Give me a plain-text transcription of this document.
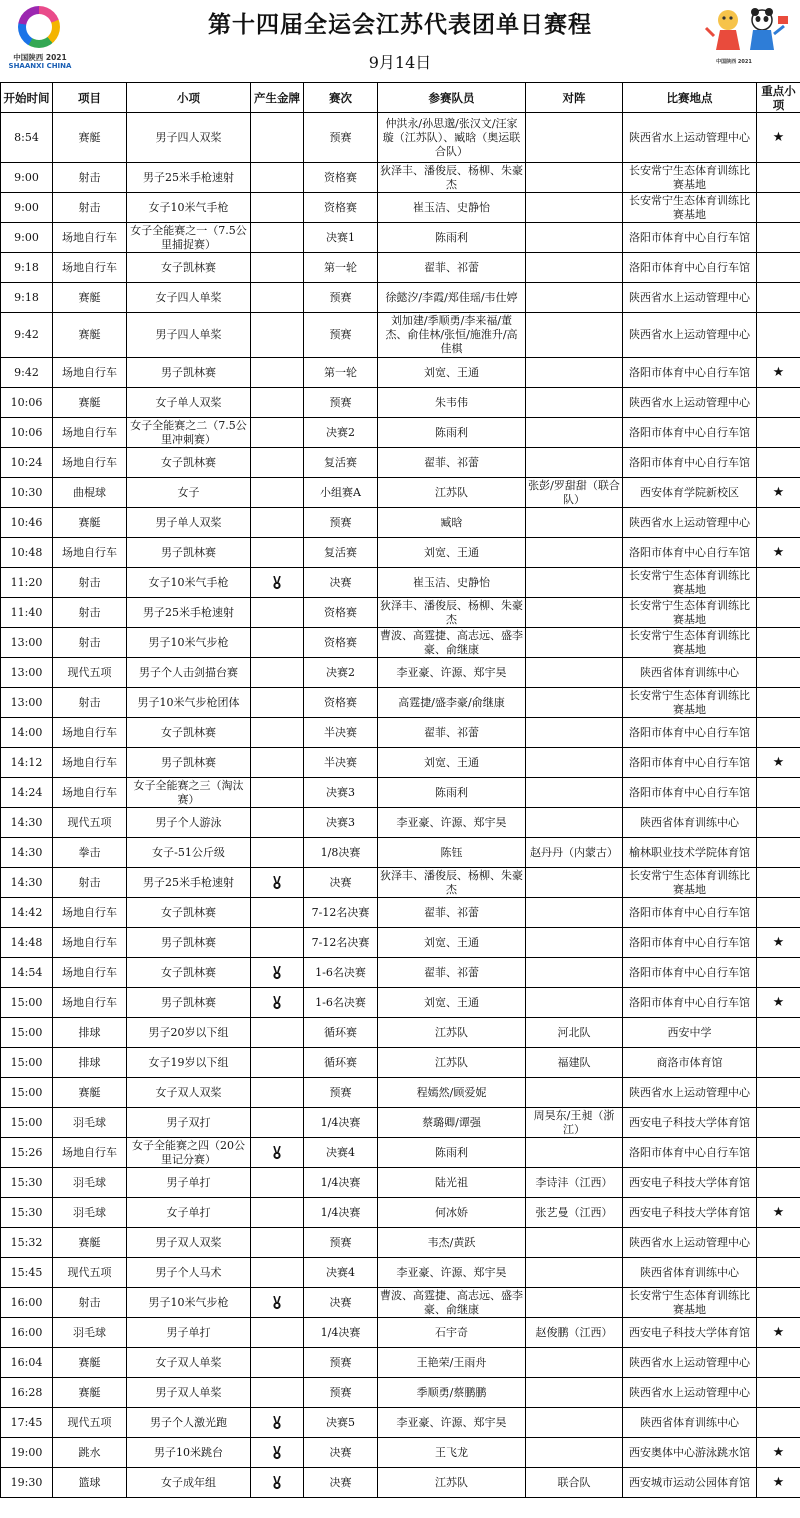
中国陕西 2021
SHAANXI CHINA
第十四届全运会江苏代表团单日赛程
9月14日	中国陕西 2021
开始时间	项目	小项	产生金牌	赛次	参赛队员	对阵	比赛地点	重点小项
8:54	赛艇	男子四人双桨		预赛	仲洪永/孙思邈/张汉文/汪家璇（江苏队）、臧晗（奥运联合队）		陕西省水上运动管理中心	★
9:00	射击	男子25米手枪速射		资格赛	狄泽丰、潘俊辰、杨柳、朱豪杰		长安常宁生态体育训练比赛基地	
9:00	射击	女子10米气手枪		资格赛	崔玉洁、史静怡		长安常宁生态体育训练比赛基地	
9:00	场地自行车	女子全能赛之一（7.5公里捕捉赛）		决赛1	陈雨利		洛阳市体育中心自行车馆	
9:18	场地自行车	女子凯林赛		第一轮	翟菲、祁蕾		洛阳市体育中心自行车馆	
9:18	赛艇	女子四人单桨		预赛	徐懿汐/李霞/郑佳瑶/韦仕婷		陕西省水上运动管理中心	
9:42	赛艇	男子四人单桨		预赛	刘加建/季顺勇/李来福/董杰、俞佳林/张恒/施淮升/高佳棋		陕西省水上运动管理中心	
9:42	场地自行车	男子凯林赛		第一轮	刘宽、王通		洛阳市体育中心自行车馆	★
10:06	赛艇	女子单人双桨		预赛	朱韦伟		陕西省水上运动管理中心	
10:06	场地自行车	女子全能赛之二（7.5公里冲刺赛）		决赛2	陈雨利		洛阳市体育中心自行车馆	
10:24	场地自行车	女子凯林赛		复活赛	翟菲、祁蕾		洛阳市体育中心自行车馆	
10:30	曲棍球	女子		小组赛A	江苏队	张彭/罗甜甜（联合队）	西安体育学院新校区	★
10:46	赛艇	男子单人双桨		预赛	臧晗		陕西省水上运动管理中心	
10:48	场地自行车	男子凯林赛		复活赛	刘宽、王通		洛阳市体育中心自行车馆	★
11:20	射击	女子10米气手枪		决赛	崔玉洁、史静怡		长安常宁生态体育训练比赛基地	
11:40	射击	男子25米手枪速射		资格赛	狄泽丰、潘俊辰、杨柳、朱豪杰		长安常宁生态体育训练比赛基地	
13:00	射击	男子10米气步枪		资格赛	曹波、高霆捷、高志远、盛李豪、俞继康		长安常宁生态体育训练比赛基地	
13:00	现代五项	男子个人击剑描台赛		决赛2	李亚豪、许源、郑宇昊		陕西省体育训练中心	
13:00	射击	男子10米气步枪团体		资格赛	高霆捷/盛李豪/俞继康		长安常宁生态体育训练比赛基地	
14:00	场地自行车	女子凯林赛		半决赛	翟菲、祁蕾		洛阳市体育中心自行车馆	
14:12	场地自行车	男子凯林赛		半决赛	刘宽、王通		洛阳市体育中心自行车馆	★
14:24	场地自行车	女子全能赛之三（淘汰赛）		决赛3	陈雨利		洛阳市体育中心自行车馆	
14:30	现代五项	男子个人游泳		决赛3	李亚豪、许源、郑宇昊		陕西省体育训练中心	
14:30	拳击	女子-51公斤级		1/8决赛	陈钰	赵丹丹（内蒙古）	榆林职业技术学院体育馆	
14:30	射击	男子25米手枪速射		决赛	狄泽丰、潘俊辰、杨柳、朱豪杰		长安常宁生态体育训练比赛基地	
14:42	场地自行车	女子凯林赛		7-12名决赛	翟菲、祁蕾		洛阳市体育中心自行车馆	
14:48	场地自行车	男子凯林赛		7-12名决赛	刘宽、王通		洛阳市体育中心自行车馆	★
14:54	场地自行车	女子凯林赛		1-6名决赛	翟菲、祁蕾		洛阳市体育中心自行车馆	
15:00	场地自行车	男子凯林赛		1-6名决赛	刘宽、王通		洛阳市体育中心自行车馆	★
15:00	排球	男子20岁以下组		循环赛	江苏队	河北队	西安中学	
15:00	排球	女子19岁以下组		循环赛	江苏队	福建队	商洛市体育馆	
15:00	赛艇	女子双人双桨		预赛	程嫣然/顾爱妮		陕西省水上运动管理中心	
15:00	羽毛球	男子双打		1/4决赛	蔡璐卿/谭强	周昊东/王昶（浙江）	西安电子科技大学体育馆	
15:26	场地自行车	女子全能赛之四（20公里记分赛）		决赛4	陈雨利		洛阳市体育中心自行车馆	
15:30	羽毛球	男子单打		1/4决赛	陆光祖	李诗沣（江西）	西安电子科技大学体育馆	
15:30	羽毛球	女子单打		1/4决赛	何冰娇	张艺曼（江西）	西安电子科技大学体育馆	★
15:32	赛艇	男子双人双桨		预赛	韦杰/黄跃		陕西省水上运动管理中心	
15:45	现代五项	男子个人马术		决赛4	李亚豪、许源、郑宇昊		陕西省体育训练中心	
16:00	射击	男子10米气步枪		决赛	曹波、高霆捷、高志远、盛李豪、俞继康		长安常宁生态体育训练比赛基地	
16:00	羽毛球	男子单打		1/4决赛	石宇奇	赵俊鹏（江西）	西安电子科技大学体育馆	★
16:04	赛艇	女子双人单桨		预赛	王艳荣/王雨舟		陕西省水上运动管理中心	
16:28	赛艇	男子双人单桨		预赛	季顺勇/蔡鹏鹏		陕西省水上运动管理中心	
17:45	现代五项	男子个人激光跑		决赛5	李亚豪、许源、郑宇昊		陕西省体育训练中心	
19:00	跳水	男子10米跳台		决赛	王飞龙		西安奥体中心游泳跳水馆	★
19:30	篮球	女子成年组		决赛	江苏队	联合队	西安城市运动公园体育馆	★
